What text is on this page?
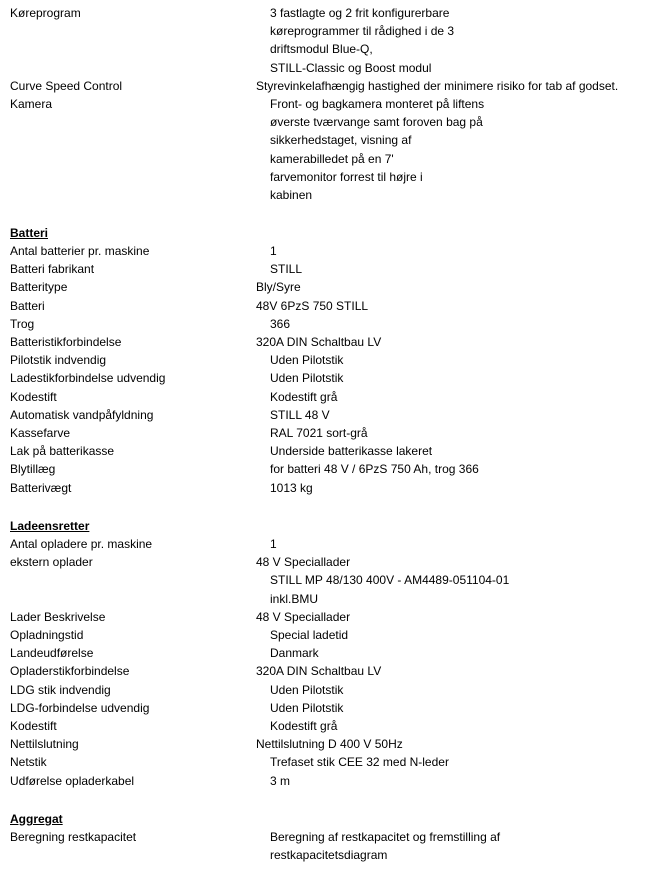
Køreprogram	3 fastlagte og 2 frit konfigurerbare
køreprogrammer til rådighed i de 3
driftsmodul Blue-Q,
STILL-Classic og Boost modul
Curve Speed Control	Styrevinkelafhængig hastighed der minimere risiko for tab af godset.
Kamera	Front- og bagkamera monteret på liftens
øverste tværvange samt foroven bag på
sikkerhedstaget, visning af
kamerabilledet på en 7'
farvemonitor forrest til højre i
kabinen
Batteri
Antal batterier pr. maskine	1
Batteri fabrikant	STILL
Batteritype	Bly/Syre
Batteri	48V 6PzS 750 STILL
Trog	366
Batteristikforbindelse	320A DIN Schaltbau LV
Pilotstik indvendig	Uden Pilotstik
Ladestikforbindelse udvendig	Uden Pilotstik
Kodestift	Kodestift grå
Automatisk vandpåfyldning	STILL 48 V
Kassefarve	RAL 7021 sort-grå
Lak på batterikasse	Underside batterikasse lakeret
Blytillæg	for batteri 48 V / 6PzS 750 Ah, trog 366
Batterivægt	1013 kg
Ladeensretter
Antal opladere pr. maskine	1
ekstern oplader	48 V Speciallader
STILL MP 48/130 400V - AM4489-051104-01
inkl.BMU
Lader Beskrivelse	48 V Speciallader
Opladningstid	Special ladetid
Landeudførelse	Danmark
Opladerstikforbindelse	320A DIN Schaltbau LV
LDG stik indvendig	Uden Pilotstik
LDG-forbindelse udvendig	Uden Pilotstik
Kodestift	Kodestift grå
Nettilslutning	Nettilslutning D 400 V 50Hz
Netstik	Trefaset stik CEE 32 med N-leder
Udførelse opladerkabel	3 m
Aggregat
Beregning restkapacitet	Beregning af restkapacitet og fremstilling af
restkapacitetsdiagram
